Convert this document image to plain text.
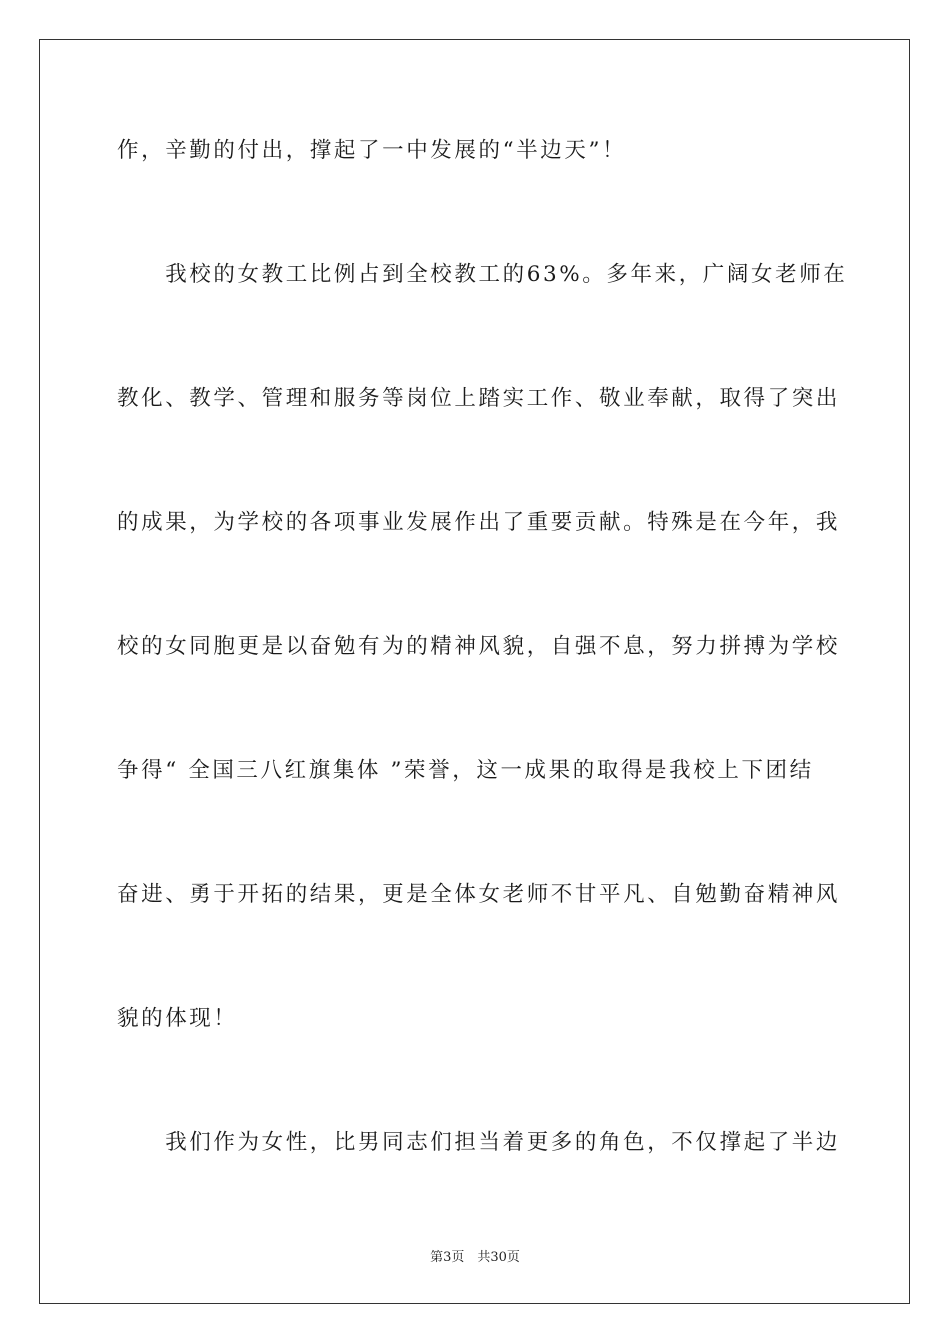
作，辛勤的付出，撑起了一中发展的“半边天”！
　　我校的女教工比例占到全校教工的63%。多年来，广阔女老师在
教化、教学、管理和服务等岗位上踏实工作、敬业奉献，取得了突出
的成果，为学校的各项事业发展作出了重要贡献。特殊是在今年，我
校的女同胞更是以奋勉有为的精神风貌，自强不息，努力拼搏为学校
争得“ 全国三八红旗集体 ”荣誉，这一成果的取得是我校上下团结
奋进、勇于开拓的结果，更是全体女老师不甘平凡、自勉勤奋精神风
貌的体现！
　　我们作为女性，比男同志们担当着更多的角色，不仅撑起了半边
第3页　共30页
